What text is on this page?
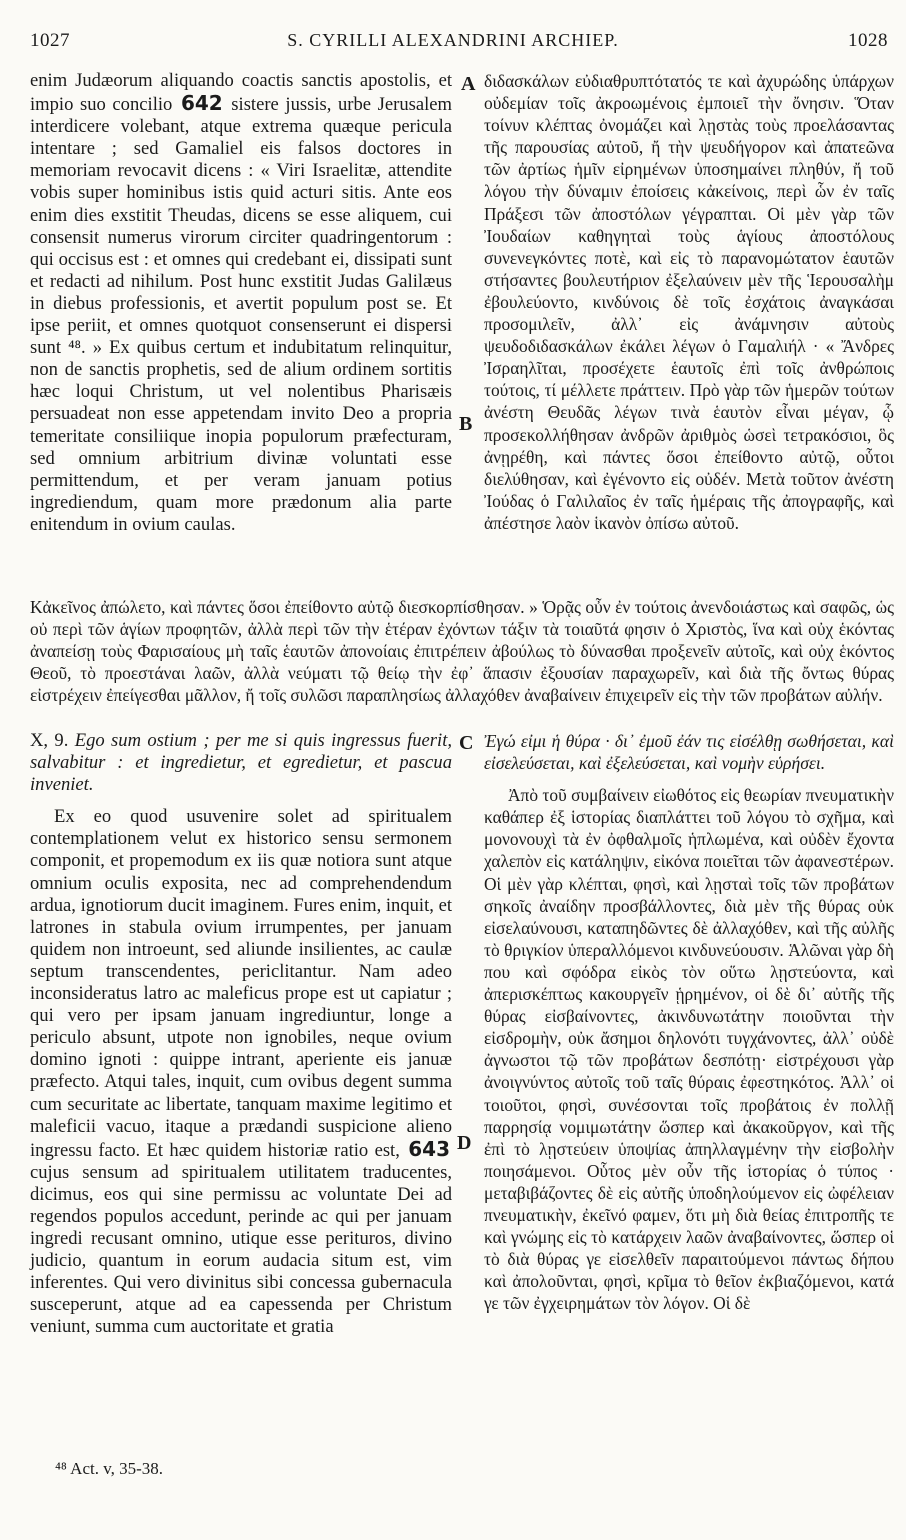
1027	S. CYRILLI ALEXANDRINI ARCHIEP.	1028
A
B
C
D

enim Judæorum aliquando coactis sanctis apostolis, et impio suo concilio 642 sistere jussis, urbe Jerusalem interdicere volebant, atque extrema quæque pericula intentare ; sed Gamaliel eis falsos doctores in memoriam revocavit dicens : « Viri Israelitæ, attendite vobis super hominibus istis quid acturi sitis. Ante eos enim dies exstitit Theudas, dicens se esse aliquem, cui consensit numerus virorum circiter quadringentorum : qui occisus est : et omnes qui credebant ei, dissipati sunt et redacti ad nihilum. Post hunc exstitit Judas Galilæus in diebus professionis, et avertit populum post se. Et ipse periit, et omnes quotquot consenserunt ei dispersi sunt ⁴⁸. » Ex quibus certum et indubitatum relinquitur, non de sanctis prophetis, sed de alium ordinem sortitis hæc loqui Christum, ut vel nolentibus Pharisæis persuadeat non esse appetendam invito Deo a propria temeritate consiliique inopia populorum præfecturam, sed omnium arbitrium divinæ voluntati esse permittendum, et per veram januam potius ingrediendum, quam more prædonum alia parte enitendum in ovium caulas.

διδασκάλων εὐδιαθρυπτότατός τε καὶ ἀχυρώδης ὑπάρχων οὐδεμίαν τοῖς ἀκροωμένοις ἐμποιεῖ τὴν ὄνησιν. Ὅταν τοίνυν κλέπτας ὀνομάζει καὶ λῃστὰς τοὺς προελάσαντας τῆς παρουσίας αὐτοῦ, ἤ τὴν ψευδήγορον καὶ ἀπατεῶνα τῶν ἀρτίως ἡμῖν εἰρημένων ὑποσημαίνει πληθύν, ἤ τοῦ λόγου τὴν δύναμιν ἐποίσεις κἀκείνοις, περὶ ὧν ἐν ταῖς Πράξεσι τῶν ἀποστόλων γέγραπται. Οἱ μὲν γὰρ τῶν Ἰουδαίων καθηγηταὶ τοὺς ἁγίους ἀποστόλους συνενεγκόντες ποτὲ, καὶ εἰς τὸ παρανομώτατον ἑαυτῶν στήσαντες βουλευτήριον ἐξελαύνειν μὲν τῆς Ἱερουσαλὴμ ἐβουλεύοντο, κινδύνοις δὲ τοῖς ἐσχάτοις ἀναγκάσαι προσομιλεῖν, ἀλλ᾽ εἰς ἀνάμνησιν αὐτοὺς ψευδοδιδασκάλων ἐκάλει λέγων ὁ Γαμαλιήλ · « Ἄνδρες Ἰσραηλῖται, προσέχετε ἑαυτοῖς ἐπὶ τοῖς ἀνθρώποις τούτοις, τί μέλλετε πράττειν. Πρὸ γὰρ τῶν ἡμερῶν τούτων ἀνέστη Θευδᾶς λέγων τινὰ ἑαυτὸν εἶναι μέγαν, ᾧ προσεκολλήθησαν ἀνδρῶν ἀριθμὸς ὡσεὶ τετρακόσιοι, ὃς ἀνῃρέθη, καὶ πάντες ὅσοι ἐπείθοντο αὐτῷ, οὗτοι διελύθησαν, καὶ ἐγένοντο εἰς οὐδέν. Μετὰ τοῦτον ἀνέστη Ἰούδας ὁ Γαλιλαῖος ἐν ταῖς ἡμέραις τῆς ἀπογραφῆς, καὶ ἀπέστησε λαὸν ἱκανὸν ὀπίσω αὐτοῦ.

Κἀκεῖνος ἀπώλετο, καὶ πάντες ὅσοι ἐπείθοντο αὐτῷ διεσκορπίσθησαν. » Ὁρᾷς οὖν ἐν τούτοις ἀνενδοιάστως καὶ σαφῶς, ὡς οὐ περὶ τῶν ἁγίων προφητῶν, ἀλλὰ περὶ τῶν τὴν ἑτέραν ἐχόντων τάξιν τὰ τοιαῦτά φησιν ὁ Χριστὸς, ἵνα καὶ οὐχ ἑκόντας ἀναπείσῃ τοὺς Φαρισαίους μὴ ταῖς ἑαυτῶν ἀπονοίαις ἐπιτρέπειν ἀβούλως τὸ δύνασθαι προξενεῖν αὐτοῖς, καὶ οὐχ ἑκόντος Θεοῦ, τὸ προεστάναι λαῶν, ἀλλὰ νεύματι τῷ θείῳ τὴν ἐφ᾽ ἅπασιν ἐξουσίαν παραχωρεῖν, καὶ διὰ τῆς ὄντως θύρας εἰστρέχειν ἐπείγεσθαι μᾶλλον, ἤ τοῖς συλῶσι παραπλησίως ἀλλαχόθεν ἀναβαίνειν ἐπιχειρεῖν εἰς τὴν τῶν προβάτων αὐλήν.

X, 9. Ego sum ostium ; per me si quis ingressus fuerit, salvabitur : et ingredietur, et egredietur, et pascua inveniet.

Ex eo quod usuvenire solet ad spiritualem contemplationem velut ex historico sensu sermonem componit, et propemodum ex iis quæ notiora sunt atque omnium oculis exposita, nec ad comprehendendum ardua, ignotiorum ducit imaginem. Fures enim, inquit, et latrones in stabula ovium irrumpentes, per januam quidem non introeunt, sed aliunde insilientes, ac caulæ septum transcendentes, periclitantur. Nam adeo inconsideratus latro ac maleficus prope est ut capiatur ; qui vero per ipsam januam ingrediuntur, longe a periculo absunt, utpote non ignobiles, neque ovium domino ignoti : quippe intrant, aperiente eis januæ præfecto. Atqui tales, inquit, cum ovibus degent summa cum securitate ac libertate, tanquam maxime legitimo et maleficii vacuo, itaque a prædandi suspicione alieno ingressu facto. Et hæc quidem historiæ ratio est, 643 cujus sensum ad spiritualem utilitatem traducentes, dicimus, eos qui sine permissu ac voluntate Dei ad regendos populos accedunt, perinde ac qui per januam ingredi recusant omnino, utique esse perituros, divino judicio, quantum in eorum audacia situm est, vim inferentes. Qui vero divinitus sibi concessa gubernacula susceperunt, atque ad ea capessenda per Christum veniunt, summa cum auctoritate et gratia

Ἐγώ εἰμι ἡ θύρα · δι᾽ ἐμοῦ ἐάν τις εἰσέλθῃ σωθήσεται, καὶ εἰσελεύσεται, καὶ ἐξελεύσεται, καὶ νομὴν εὑρήσει.

Ἀπὸ τοῦ συμβαίνειν εἰωθότος εἰς θεωρίαν πνευματικὴν καθάπερ ἐξ ἱστορίας διαπλάττει τοῦ λόγου τὸ σχῆμα, καὶ μονονουχὶ τὰ ἐν ὀφθαλμοῖς ἡπλωμένα, καὶ οὐδὲν ἔχοντα χαλεπὸν εἰς κατάληψιν, εἰκόνα ποιεῖται τῶν ἀφανεστέρων. Οἱ μὲν γὰρ κλέπται, φησὶ, καὶ λῃσταὶ τοῖς τῶν προβάτων σηκοῖς ἀναίδην προσβάλλοντες, διὰ μὲν τῆς θύρας οὐκ εἰσελαύνουσι, καταπηδῶντες δὲ ἀλλαχόθεν, καὶ τῆς αὐλῆς τὸ θριγκίον ὑπεραλλόμενοι κινδυνεύουσιν. Ἁλῶναι γὰρ δὴ που καὶ σφόδρα εἰκὸς τὸν οὕτω λῃστεύοντα, καὶ ἀπερισκέπτως κακουργεῖν ᾑρημένον, οἱ δὲ δι᾽ αὐτῆς τῆς θύρας εἰσβαίνοντες, ἀκινδυνωτάτην ποιοῦνται τὴν εἰσδρομὴν, οὐκ ἄσημοι δηλονότι τυγχάνοντες, ἀλλ᾽ οὐδὲ ἀγνωστοι τῷ τῶν προβάτων δεσπότῃ· εἰστρέχουσι γὰρ ἀνοιγνύντος αὐτοῖς τοῦ ταῖς θύραις ἐφεστηκότος. Ἀλλ᾽ οἱ τοιοῦτοι, φησὶ, συνέσονται τοῖς προβάτοις ἐν πολλῇ παρρησίᾳ νομιμωτάτην ὥσπερ καὶ ἀκακοῦργον, καὶ τῆς ἐπὶ τὸ λῃστεύειν ὑποψίας ἀπηλλαγμένην τὴν εἰσβολὴν ποιησάμενοι. Οὗτος μὲν οὖν τῆς ἱστορίας ὁ τύπος · μεταβιβάζοντες δὲ εἰς αὐτῆς ὑποδηλούμενον εἰς ὠφέλειαν πνευματικὴν, ἐκεῖνό φαμεν, ὅτι μὴ διὰ θείας ἐπιτροπῆς τε καὶ γνώμης εἰς τὸ κατάρχειν λαῶν ἀναβαίνοντες, ὥσπερ οἱ τὸ διὰ θύρας γε εἰσελθεῖν παραιτούμενοι πάντως δήπου καὶ ἀπολοῦνται, φησὶ, κρῖμα τὸ θεῖον ἐκβιαζόμενοι, κατά γε τῶν ἐγχειρημάτων τὸν λόγον. Οἱ δὲ

⁴⁸ Act. v, 35-38.
